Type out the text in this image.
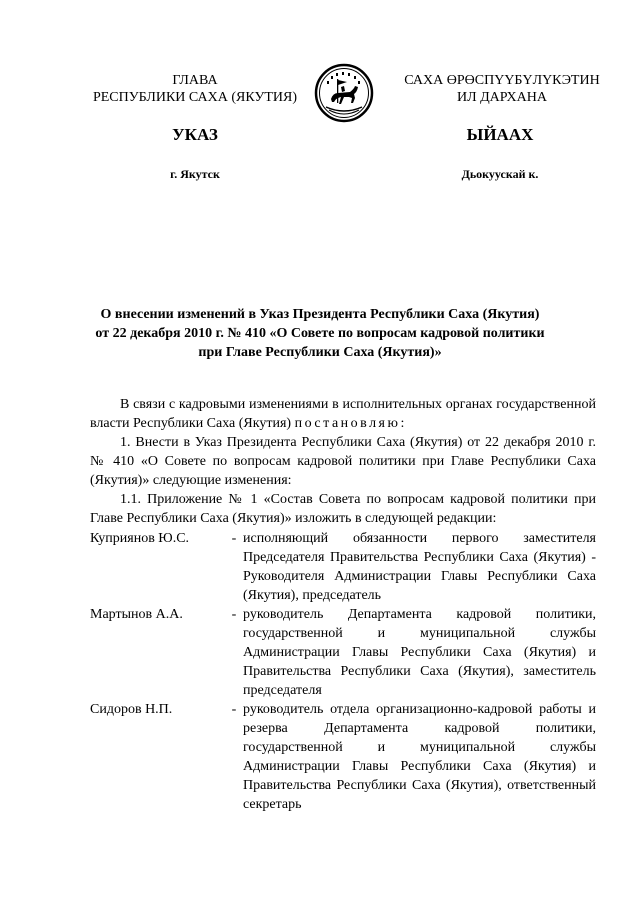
ГЛАВА
РЕСПУБЛИКИ САХА (ЯКУТИЯ)
САХА ӨРӨСПҮҮБҮЛҮКЭТИН
ИЛ ДАРХАНА
УКАЗ	ЫЙААХ
г. Якутск	Дьокуускай к.
О внесении изменений в Указ Президента Республики Саха (Якутия)
от 22 декабря 2010 г. № 410 «О Совете по вопросам кадровой политики
при Главе Республики Саха (Якутия)»

В связи с кадровыми изменениями в исполнительных органах государственной власти Республики Саха (Якутия) постановляю:

1. Внести в Указ Президента Республики Саха (Якутия) от 22 декабря 2010 г. № 410 «О Совете по вопросам кадровой политики при Главе Республики Саха (Якутия)» следующие изменения:

1.1. Приложение № 1 «Состав Совета по вопросам кадровой политики при Главе Республики Саха (Якутия)» изложить в следующей редакции:

Куприянов Ю.С.	- исполняющий обязанности первого заместителя Председателя Правительства Республики Саха (Якутия) - Руководителя Администрации Главы Республики Саха (Якутия), председатель
Мартынов А.А.	- руководитель Департамента кадровой политики, государственной и муниципальной службы Администрации Главы Республики Саха (Якутия) и Правительства Республики Саха (Якутия), заместитель председателя
Сидоров Н.П.	- руководитель отдела организационно-кадровой работы и резерва Департамента кадровой политики, государственной и муниципальной службы Администрации Главы Республики Саха (Якутия) и Правительства Республики Саха (Якутия), ответственный секретарь
